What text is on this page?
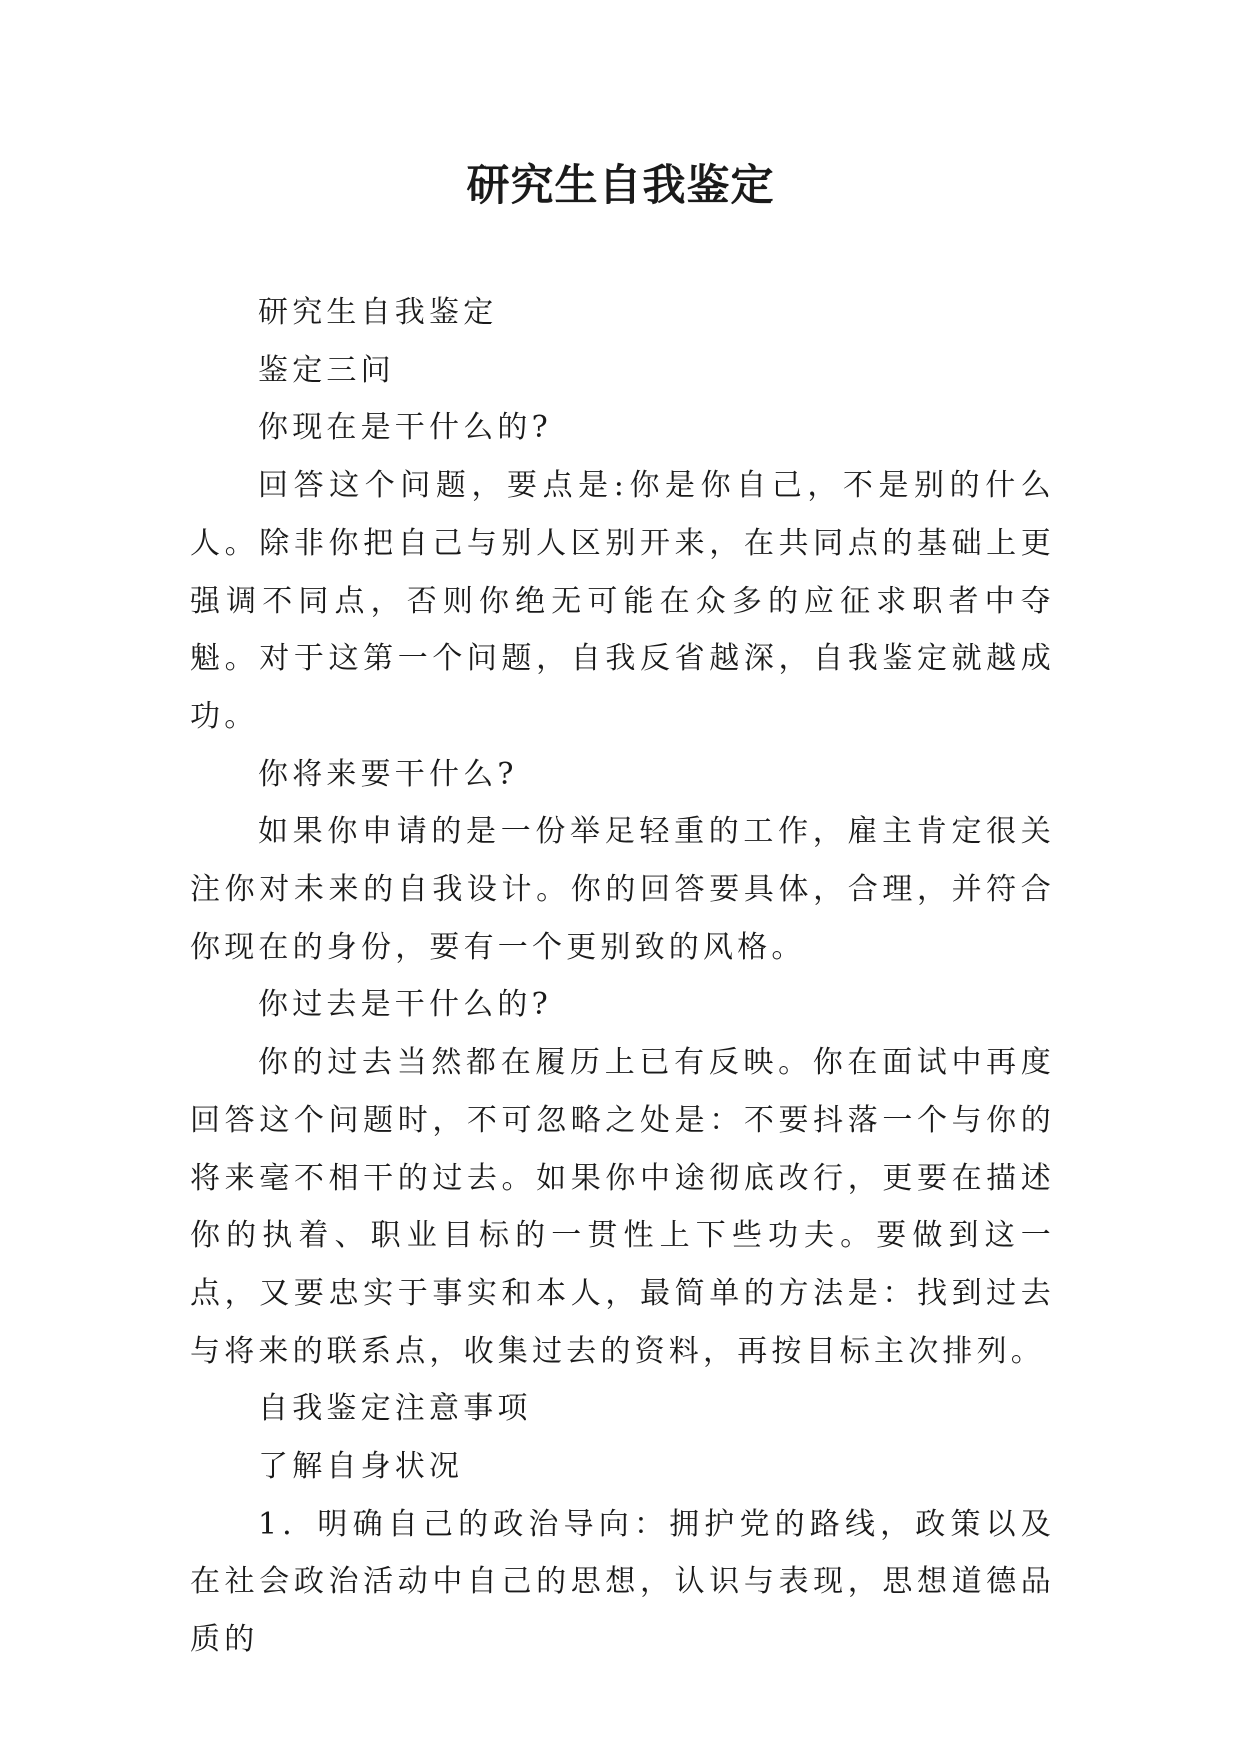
研究生自我鉴定

研究生自我鉴定

鉴定三问

你现在是干什么的?

回答这个问题，要点是:你是你自己，不是别的什么人。除非你把自己与别人区别开来，在共同点的基础上更强调不同点，否则你绝无可能在众多的应征求职者中夺魁。对于这第一个问题，自我反省越深，自我鉴定就越成功。

你将来要干什么?

如果你申请的是一份举足轻重的工作，雇主肯定很关注你对未来的自我设计。你的回答要具体，合理，并符合你现在的身份，要有一个更别致的风格。

你过去是干什么的?

你的过去当然都在履历上已有反映。你在面试中再度回答这个问题时，不可忽略之处是：不要抖落一个与你的将来毫不相干的过去。如果你中途彻底改行，更要在描述你的执着、职业目标的一贯性上下些功夫。要做到这一点，又要忠实于事实和本人，最简单的方法是：找到过去与将来的联系点，收集过去的资料，再按目标主次排列。

自我鉴定注意事项

了解自身状况

1．明确自己的政治导向：拥护党的路线，政策以及在社会政治活动中自己的思想，认识与表现，思想道德品质的
